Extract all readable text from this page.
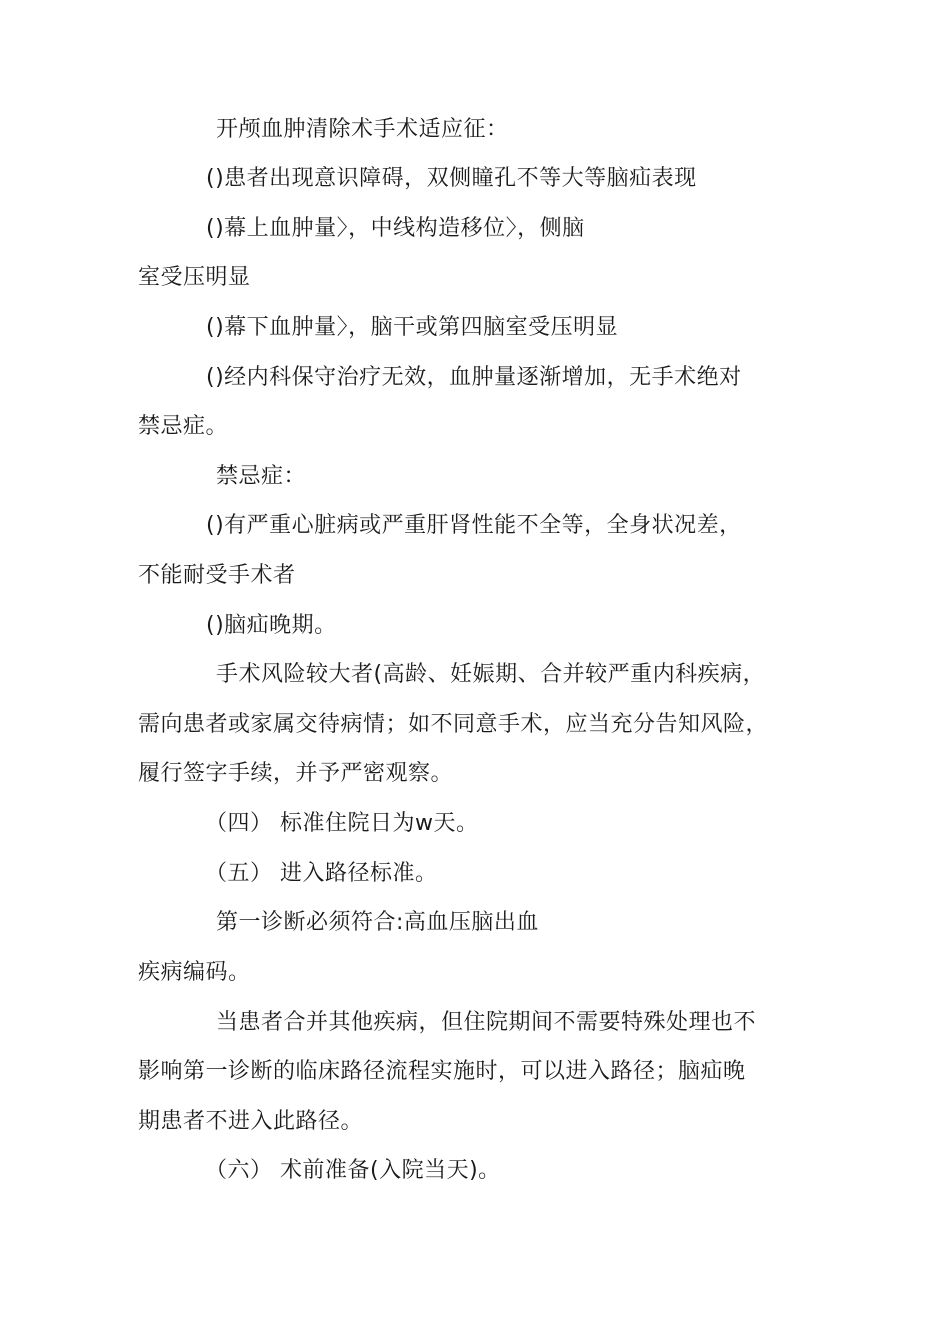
开颅血肿清除术手术适应征：
()患者出现意识障碍，双侧瞳孔不等大等脑疝表现
()幕上血肿量〉，中线构造移位〉，侧脑
室受压明显
()幕下血肿量〉，脑干或第四脑室受压明显
()经内科保守治疗无效，血肿量逐渐增加，无手术绝对
禁忌症。
禁忌症：
()有严重心脏病或严重肝肾性能不全等，全身状况差，
不能耐受手术者
()脑疝晚期。
手术风险较大者(高龄、妊娠期、合并较严重内科疾病，
需向患者或家属交待病情；如不同意手术，应当充分告知风险，
履行签字手续，并予严密观察。
（四） 标准住院日为w天。
（五） 进入路径标准。
第一诊断必须符合:高血压脑出血
疾病编码。
当患者合并其他疾病，但住院期间不需要特殊处理也不
影响第一诊断的临床路径流程实施时，可以进入路径；脑疝晚
期患者不进入此路径。
（六） 术前准备(入院当天)。
